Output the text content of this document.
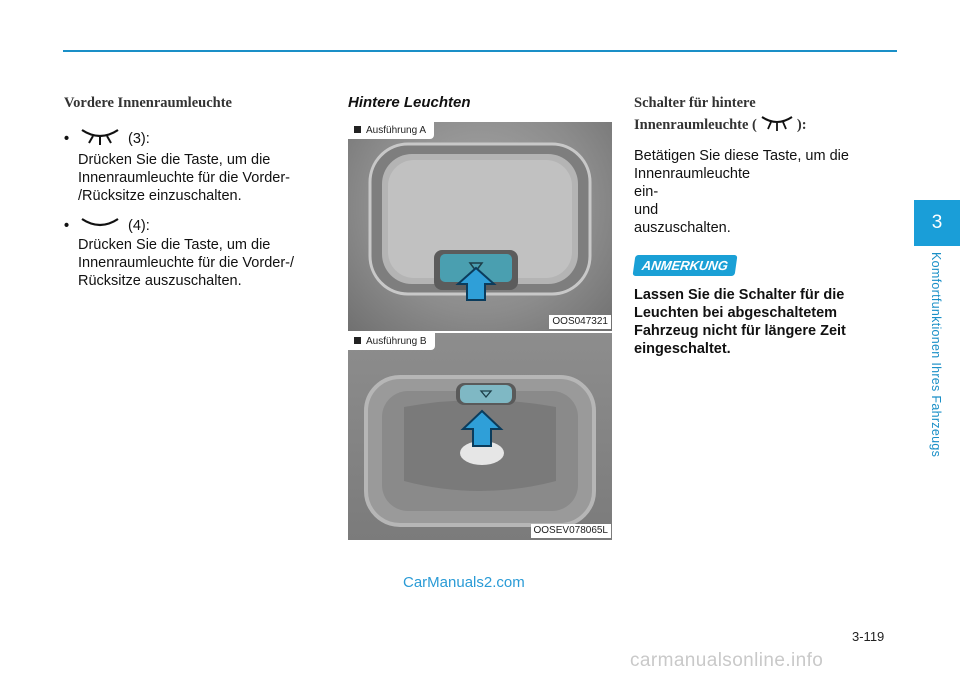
Vordere Innenraumleuchte
•	(3):
Drücken Sie die Taste, um die
Innenraumleuchte für die Vorder-
/Rücksitze einzuschalten.
•	(4):
Drücken Sie die Taste, um die
Innenraumleuchte für die Vorder-/
Rücksitze auszuschalten.
Hintere Leuchten
Ausführung A
OOS047321
Ausführung B
OOSEV078065L
Schalter für hintere
Innenraumleuchte (	):
Betätigen Sie diese Taste, um die
Innenraumleuchte
ein-
und
auszuschalten.
ANMERKUNG
Lassen Sie die Schalter für die
Leuchten bei abgeschaltetem
Fahrzeug nicht für längere Zeit
eingeschaltet.
3
Komfortfunktionen Ihres Fahrzeugs
CarManuals2.com
3-119
carmanualsonline.info
